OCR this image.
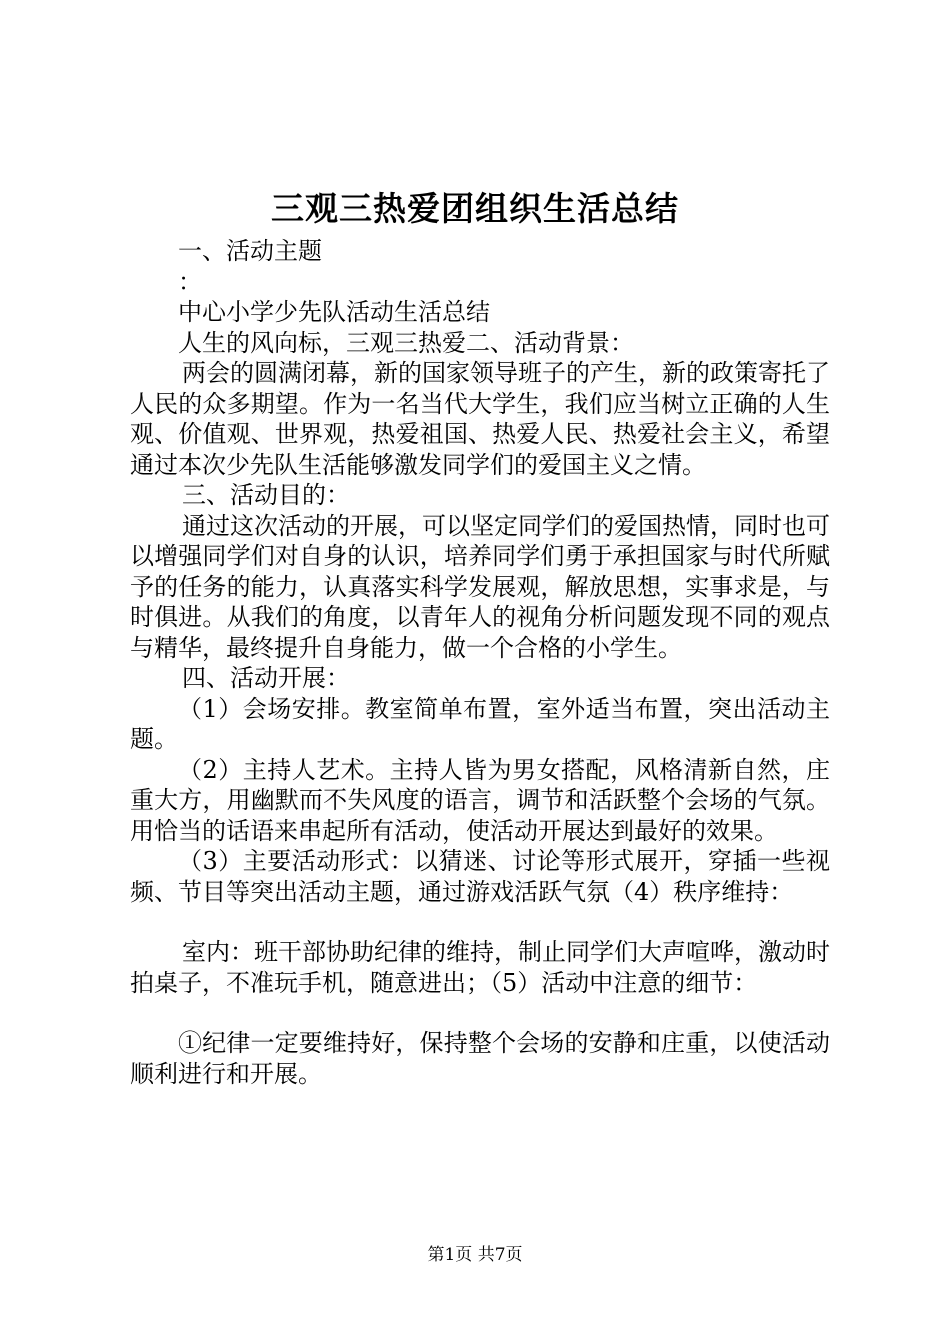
三观三热爱团组织生活总结

一、活动主题

：

中心小学少先队活动生活总结

人生的风向标，三观三热爱二、活动背景：

两会的圆满闭幕，新的国家领导班子的产生，新的政策寄托了人民的众多期望。作为一名当代大学生，我们应当树立正确的人生观、价值观、世界观，热爱祖国、热爱人民、热爱社会主义，希望通过本次少先队生活能够激发同学们的爱国主义之情。

三、活动目的：

通过这次活动的开展，可以坚定同学们的爱国热情，同时也可以增强同学们对自身的认识，培养同学们勇于承担国家与时代所赋予的任务的能力，认真落实科学发展观，解放思想，实事求是，与时俱进。从我们的角度，以青年人的视角分析问题发现不同的观点与精华，最终提升自身能力，做一个合格的小学生。

四、活动开展：

（1）会场安排。教室简单布置，室外适当布置，突出活动主题。

（2）主持人艺术。主持人皆为男女搭配，风格清新自然，庄重大方，用幽默而不失风度的语言，调节和活跃整个会场的气氛。用恰当的话语来串起所有活动，使活动开展达到最好的效果。

（3）主要活动形式：以猜迷、讨论等形式展开，穿插一些视频、节目等突出活动主题，通过游戏活跃气氛（4）秩序维持：

室内：班干部协助纪律的维持，制止同学们大声喧哗，激动时拍桌子，不准玩手机，随意进出；（5）活动中注意的细节：

①纪律一定要维持好，保持整个会场的安静和庄重，以使活动顺利进行和开展。

第1页 共7页
